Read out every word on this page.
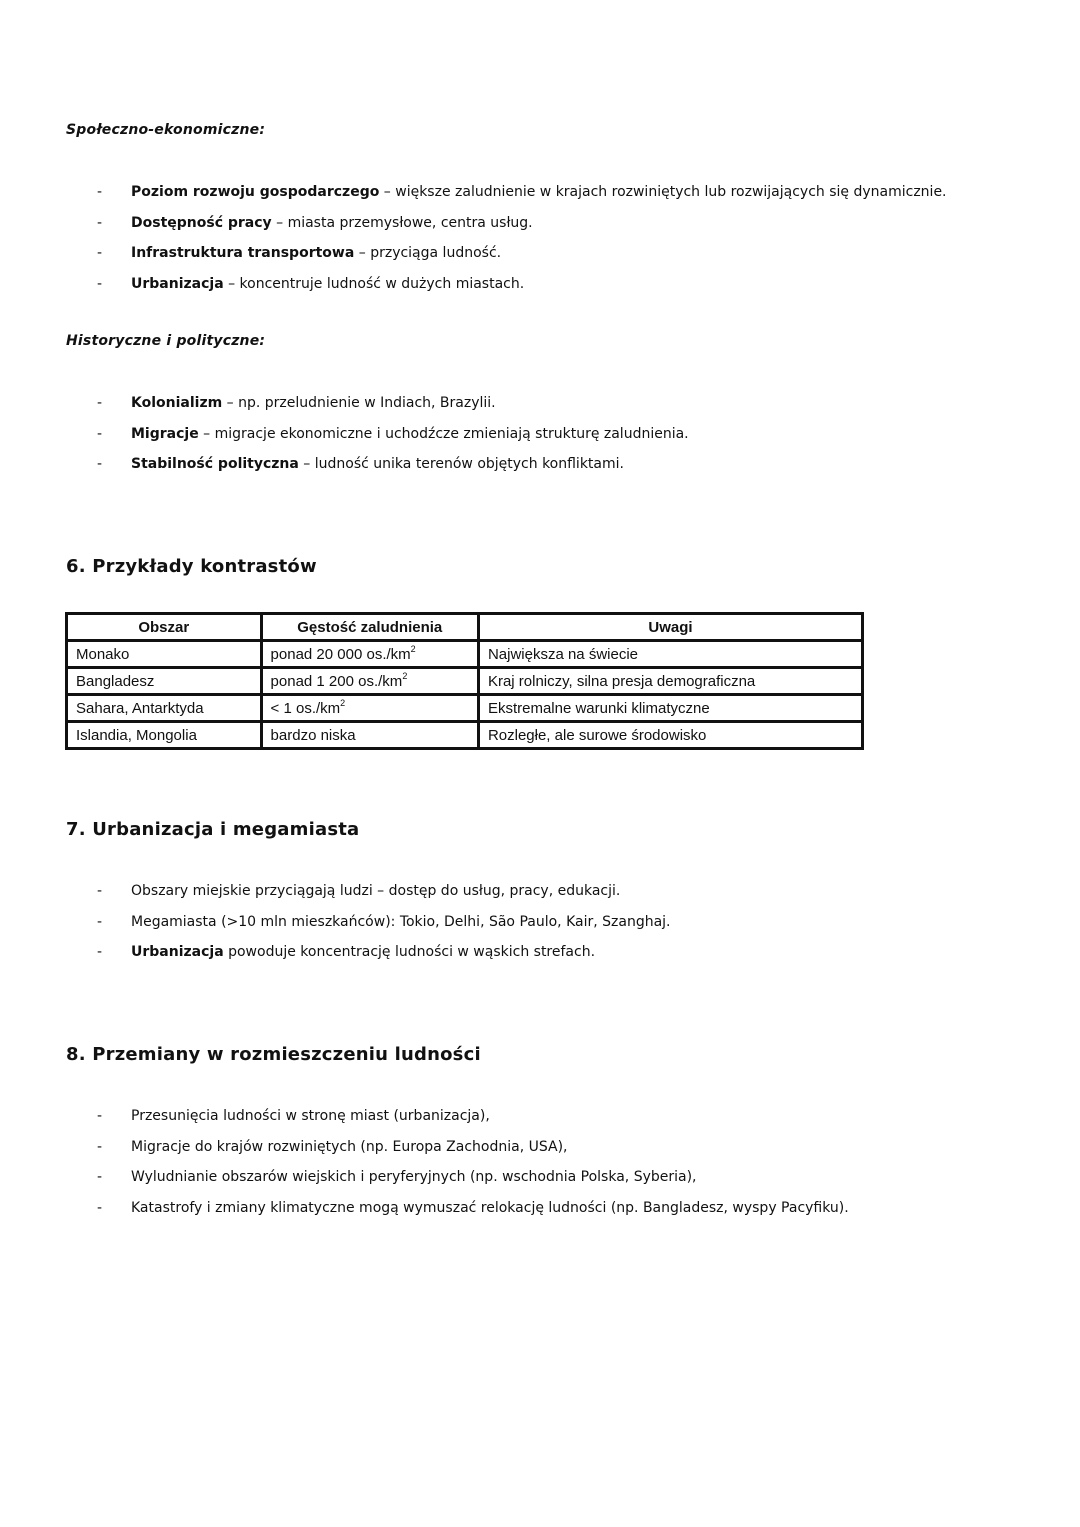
Społeczno-ekonomiczne:
- Poziom rozwoju gospodarczego – większe zaludnienie w krajach rozwiniętych lub rozwijających się dynamicznie.
- Dostępność pracy – miasta przemysłowe, centra usług.
- Infrastruktura transportowa – przyciąga ludność.
- Urbanizacja – koncentruje ludność w dużych miastach.
Historyczne i polityczne:
- Kolonializm – np. przeludnienie w Indiach, Brazylii.
- Migracje – migracje ekonomiczne i uchodźcze zmieniają strukturę zaludnienia.
- Stabilność polityczna – ludność unika terenów objętych konfliktami.
6. Przykłady kontrastów
Obszar	Gęstość zaludnienia	Uwagi
Monako	ponad 20 000 $os./km^2$	Największa na świecie
Bangladesz	ponad 1 200 $os./km^2$	Kraj rolniczy, silna presja demograficzna
Sahara, Antarktyda	< 1 $os./km^2$	Ekstremalne warunki klimatyczne
Islandia, Mongolia	bardzo niska	Rozległe, ale surowe środowisko
7. Urbanizacja i megamiasta
- Obszary miejskie przyciągają ludzi – dostęp do usług, pracy, edukacji.
- Megamiasta (>10 mln mieszkańców): Tokio, Delhi, São Paulo, Kair, Szanghaj.
- Urbanizacja powoduje koncentrację ludności w wąskich strefach.
8. Przemiany w rozmieszczeniu ludności
- Przesunięcia ludności w stronę miast (urbanizacja),
- Migracje do krajów rozwiniętych (np. Europa Zachodnia, USA),
- Wyludnianie obszarów wiejskich i peryferyjnych (np. wschodnia Polska, Syberia),
- Katastrofy i zmiany klimatyczne mogą wymuszać relokację ludności (np. Bangladesz, wyspy Pacyfiku).
